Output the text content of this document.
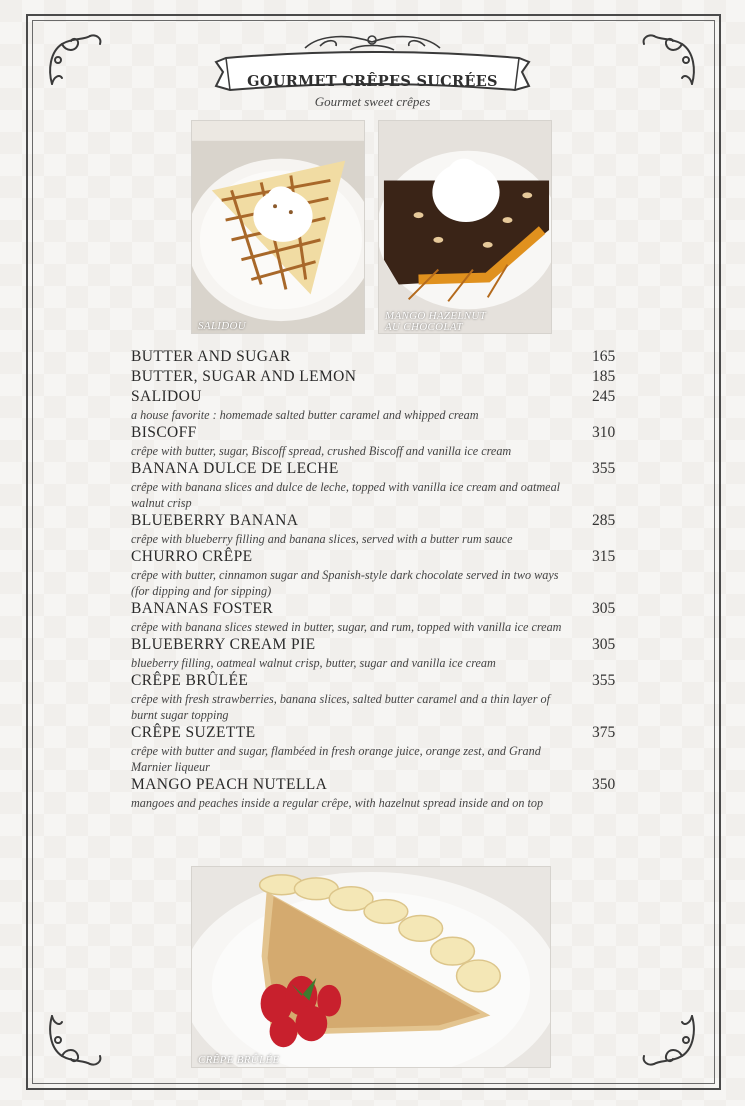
GOURMET CRÊPES SUCRÉES
Gourmet sweet crêpes
SALIDOU
MANGO HAZELNUT
AU CHOCOLAT
BUTTER AND SUGAR	165
BUTTER, SUGAR AND LEMON	185
SALIDOU	245
a house favorite : homemade salted butter caramel and whipped cream
BISCOFF	310
crêpe with butter, sugar, Biscoff spread, crushed Biscoff and vanilla ice cream
BANANA DULCE DE LECHE	355
crêpe with banana slices and dulce de leche, topped with vanilla ice cream and oatmeal walnut crisp
BLUEBERRY BANANA	285
crêpe with blueberry filling and banana slices, served with a butter rum sauce
CHURRO CRÊPE	315
crêpe with butter, cinnamon sugar and Spanish-style dark chocolate served in two ways (for dipping and for sipping)
BANANAS FOSTER	305
crêpe with banana slices stewed in butter, sugar, and rum, topped with vanilla ice cream
BLUEBERRY CREAM PIE	305
blueberry filling, oatmeal walnut crisp, butter, sugar and vanilla ice cream
CRÊPE BRÛLÉE	355
crêpe with fresh strawberries, banana slices, salted butter caramel and a thin layer of burnt sugar topping
CRÊPE SUZETTE	375
crêpe with butter and sugar, flambéed in fresh orange juice, orange zest, and Grand Marnier liqueur
MANGO PEACH NUTELLA	350
mangoes and peaches inside a regular crêpe, with hazelnut spread inside and on top
CRÊPE BRÛLÉE
